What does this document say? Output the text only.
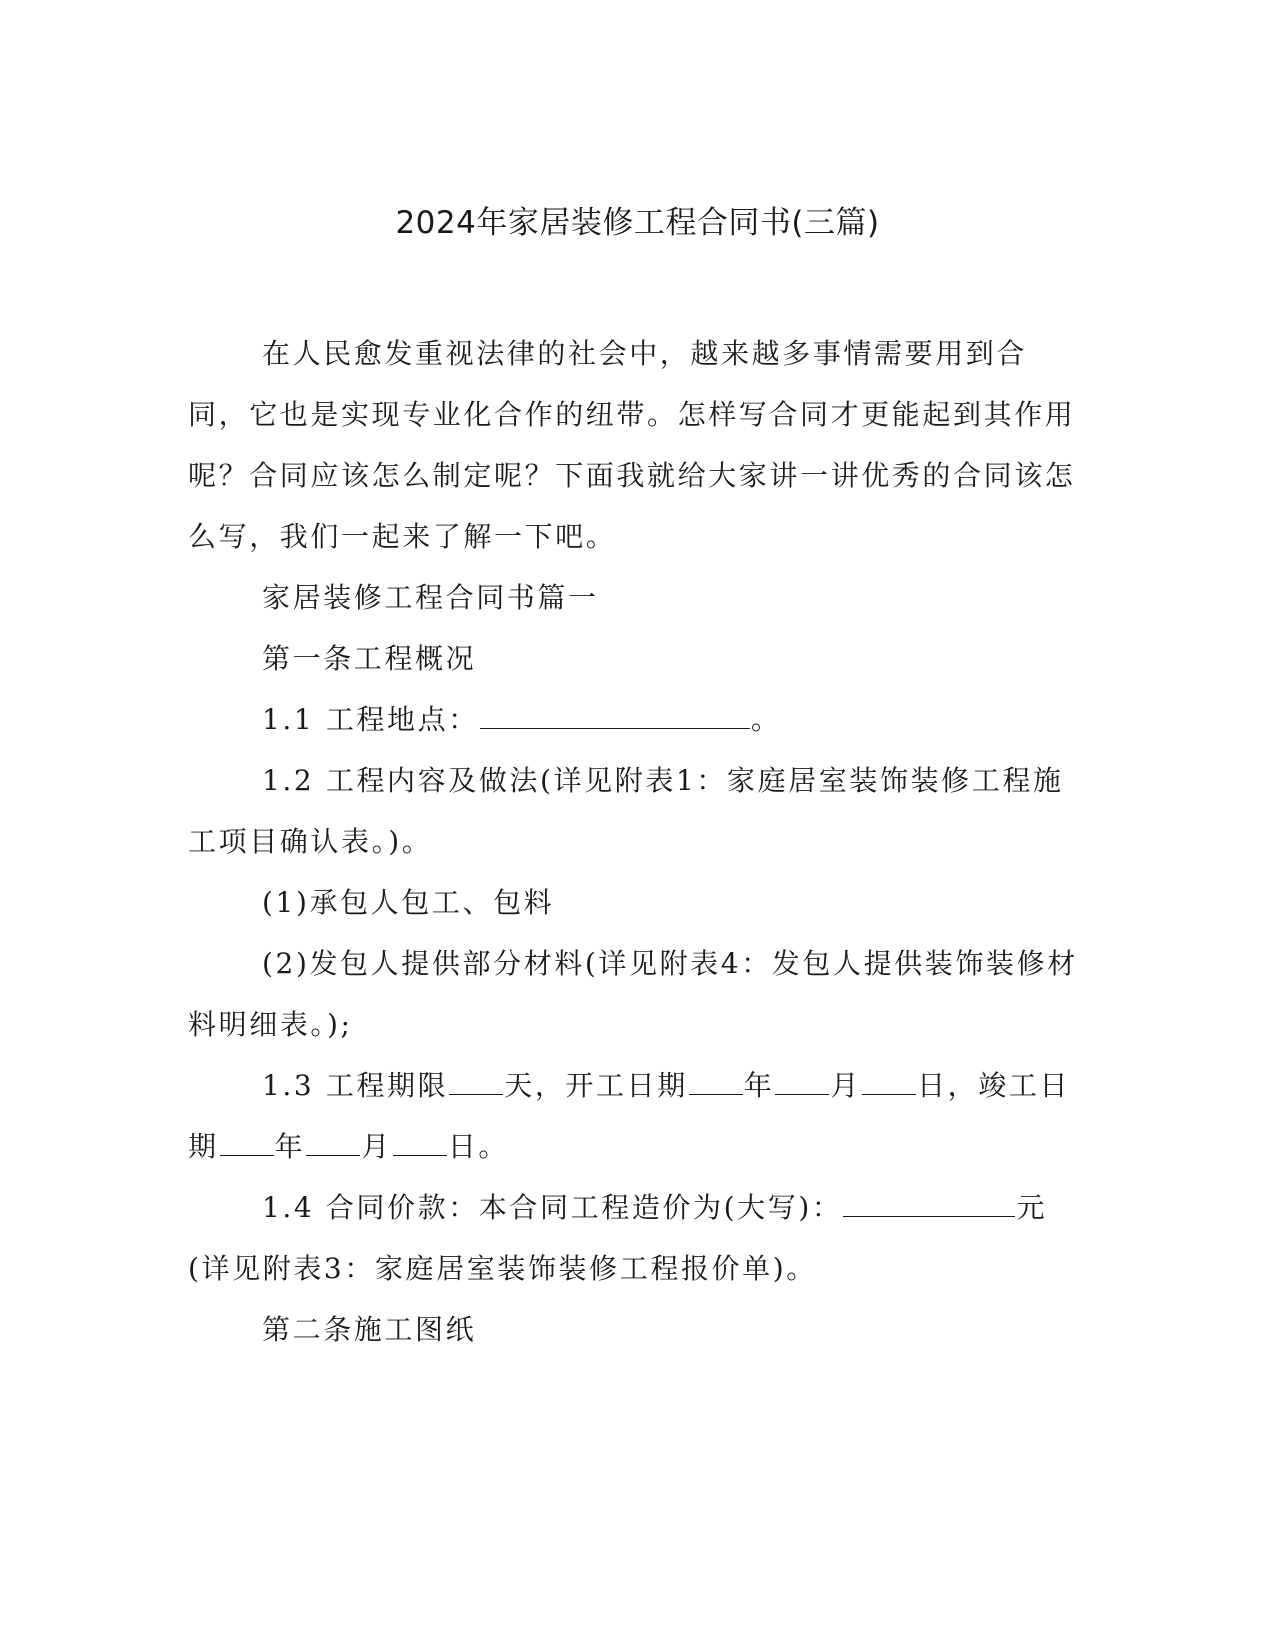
2024年家居装修工程合同书(三篇)

在人民愈发重视法律的社会中，越来越多事情需要用到合同，它也是实现专业化合作的纽带。怎样写合同才更能起到其作用呢？合同应该怎么制定呢？下面我就给大家讲一讲优秀的合同该怎么写，我们一起来了解一下吧。

家居装修工程合同书篇一

第一条工程概况

1.1 工程地点：	。

1.2 工程内容及做法(详见附表1：家庭居室装饰装修工程施工项目确认表。)。

(1)承包人包工、包料

(2)发包人提供部分材料(详见附表4：发包人提供装饰装修材料明细表。);

1.3 工程期限 天，开工日期 年 月 日，竣工日期 年 月 日。

1.4 合同价款：本合同工程造价为(大写)：	元(详见附表3：家庭居室装饰装修工程报价单)。

第二条施工图纸
